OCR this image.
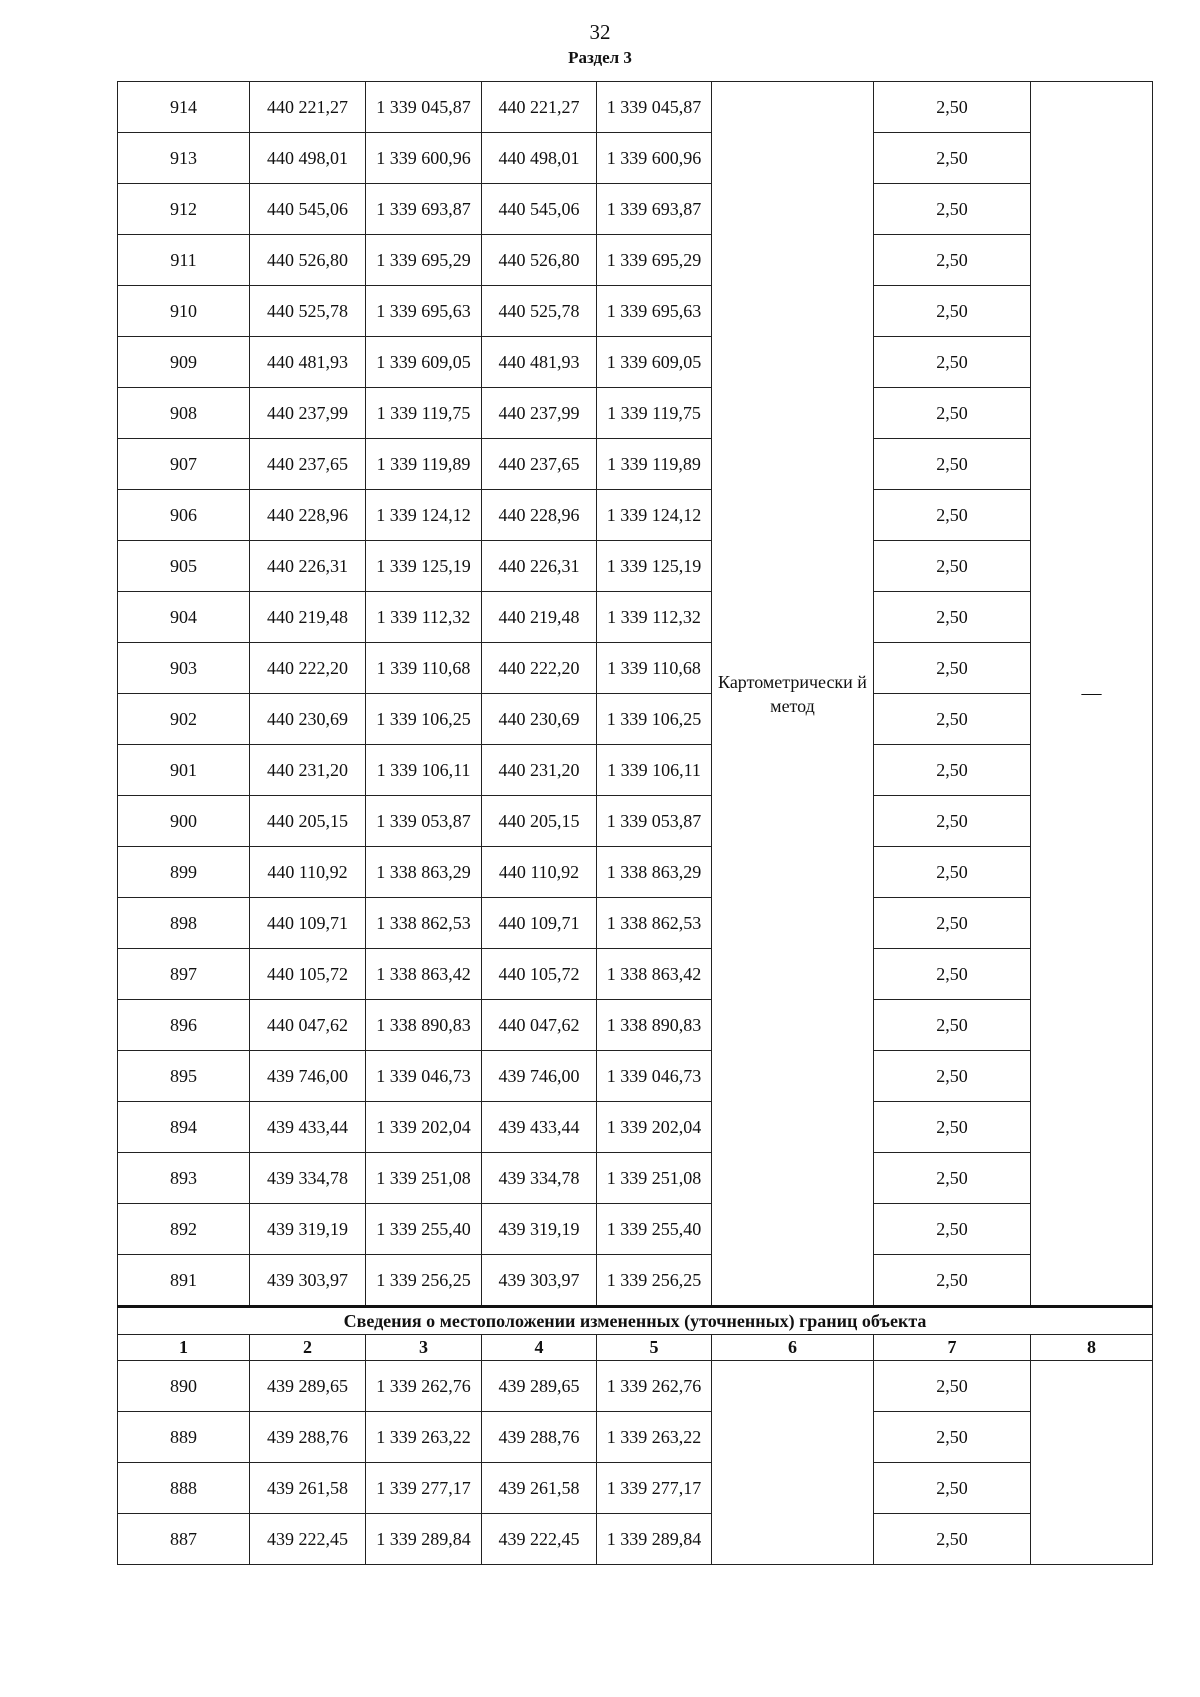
32
Раздел 3
914	440 221,27	1 339 045,87	440 221,27	1 339 045,87	Картометрически й метод	2,50	—
913	440 498,01	1 339 600,96	440 498,01	1 339 600,96		2,50	
912	440 545,06	1 339 693,87	440 545,06	1 339 693,87		2,50	
911	440 526,80	1 339 695,29	440 526,80	1 339 695,29		2,50	
910	440 525,78	1 339 695,63	440 525,78	1 339 695,63		2,50	
909	440 481,93	1 339 609,05	440 481,93	1 339 609,05		2,50	
908	440 237,99	1 339 119,75	440 237,99	1 339 119,75		2,50	
907	440 237,65	1 339 119,89	440 237,65	1 339 119,89		2,50	
906	440 228,96	1 339 124,12	440 228,96	1 339 124,12		2,50	
905	440 226,31	1 339 125,19	440 226,31	1 339 125,19		2,50	
904	440 219,48	1 339 112,32	440 219,48	1 339 112,32		2,50	
903	440 222,20	1 339 110,68	440 222,20	1 339 110,68		2,50	
902	440 230,69	1 339 106,25	440 230,69	1 339 106,25		2,50	
901	440 231,20	1 339 106,11	440 231,20	1 339 106,11		2,50	
900	440 205,15	1 339 053,87	440 205,15	1 339 053,87		2,50	
899	440 110,92	1 338 863,29	440 110,92	1 338 863,29		2,50	
898	440 109,71	1 338 862,53	440 109,71	1 338 862,53		2,50	
897	440 105,72	1 338 863,42	440 105,72	1 338 863,42		2,50	
896	440 047,62	1 338 890,83	440 047,62	1 338 890,83		2,50	
895	439 746,00	1 339 046,73	439 746,00	1 339 046,73		2,50	
894	439 433,44	1 339 202,04	439 433,44	1 339 202,04		2,50	
893	439 334,78	1 339 251,08	439 334,78	1 339 251,08		2,50	
892	439 319,19	1 339 255,40	439 319,19	1 339 255,40		2,50	
891	439 303,97	1 339 256,25	439 303,97	1 339 256,25		2,50	
Сведения о местоположении измененных (уточненных) границ объекта							
1	2	3	4	5	6	7	8
890	439 289,65	1 339 262,76	439 289,65	1 339 262,76		2,50	
889	439 288,76	1 339 263,22	439 288,76	1 339 263,22		2,50	
888	439 261,58	1 339 277,17	439 261,58	1 339 277,17		2,50	
887	439 222,45	1 339 289,84	439 222,45	1 339 289,84		2,50	
